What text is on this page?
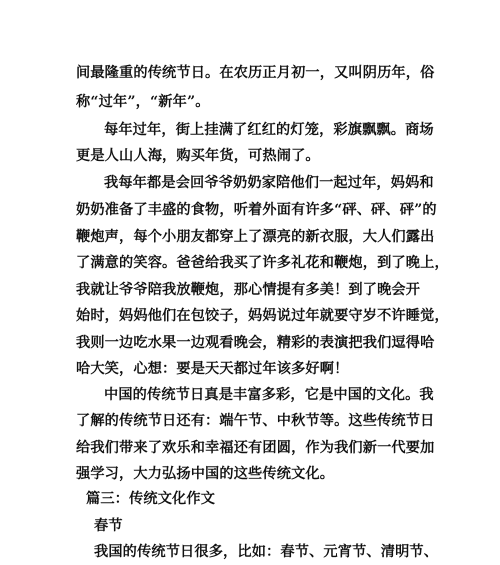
间最隆重的传统节日。在农历正月初一，又叫阴历年，俗
称“过年”，“新年”。
每年过年，街上挂满了红红的灯笼，彩旗飘飘。商场
更是人山人海，购买年货，可热闹了。
我每年都是会回爷爷奶奶家陪他们一起过年，妈妈和
奶奶准备了丰盛的食物，听着外面有许多“砰、砰、砰”的
鞭炮声，每个小朋友都穿上了漂亮的新衣服，大人们露出
了满意的笑容。爸爸给我买了许多礼花和鞭炮，到了晚上，
我就让爷爷陪我放鞭炮，那心情提有多美！到了晚会开
始时，妈妈他们在包饺子，妈妈说过年就要守岁不许睡觉，
我则一边吃水果一边观看晚会，精彩的表演把我们逗得哈
哈大笑，心想：要是天天都过年该多好啊！
中国的传统节日真是丰富多彩，它是中国的文化。我
了解的传统节日还有：端午节、中秋节等。这些传统节日
给我们带来了欢乐和幸福还有团圆，作为我们新一代要加
强学习，大力弘扬中国的这些传统文化。
篇三：传统文化作文
春节
我国的传统节日很多，比如：春节、元宵节、清明节、
